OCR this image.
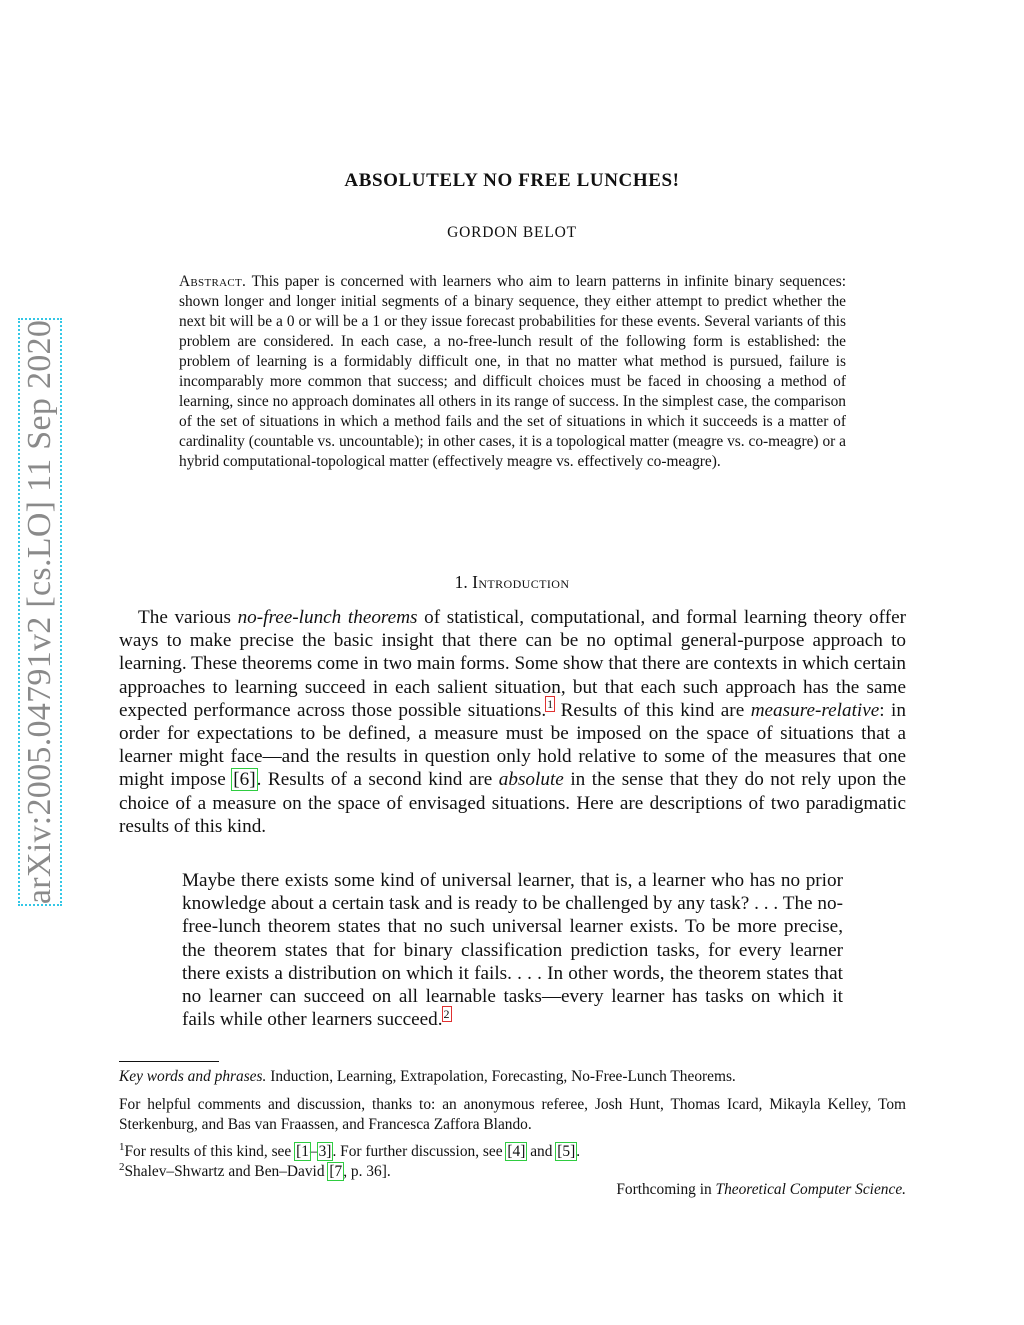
arXiv:2005.04791v2 [cs.LO] 11 Sep 2020
ABSOLUTELY NO FREE LUNCHES!
GORDON BELOT
Abstract. This paper is concerned with learners who aim to learn patterns in infinite binary sequences: shown longer and longer initial segments of a binary sequence, they either attempt to predict whether the next bit will be a 0 or will be a 1 or they issue forecast probabilities for these events. Several variants of this problem are considered. In each case, a no-free-lunch result of the following form is established: the problem of learning is a formidably difficult one, in that no matter what method is pursued, failure is incomparably more common that success; and difficult choices must be faced in choosing a method of learning, since no approach dominates all others in its range of success. In the simplest case, the comparison of the set of situations in which a method fails and the set of situations in which it succeeds is a matter of cardinality (countable vs. uncountable); in other cases, it is a topological matter (meagre vs. co-meagre) or a hybrid computational-topological matter (effectively meagre vs. effectively co-meagre).
1. Introduction

The various no-free-lunch theorems of statistical, computational, and formal learning theory offer ways to make precise the basic insight that there can be no optimal general-purpose approach to learning. These theorems come in two main forms. Some show that there are contexts in which certain approaches to learning succeed in each salient situation, but that each such approach has the same expected performance across those possible situations.$^1$ Results of this kind are measure-relative: in order for expectations to be defined, a measure must be imposed on the space of situations that a learner might face—and the results in question only hold relative to some of the measures that one might impose [6]. Results of a second kind are absolute in the sense that they do not rely upon the choice of a measure on the space of envisaged situations. Here are descriptions of two paradigmatic results of this kind.

Maybe there exists some kind of universal learner, that is, a learner who has no prior knowledge about a certain task and is ready to be challenged by any task? . . . The no-free-lunch theorem states that no such universal learner exists. To be more precise, the theorem states that for binary classification prediction tasks, for every learner there exists a distribution on which it fails. . . . In other words, the theorem states that no learner can succeed on all learnable tasks—every learner has tasks on which it fails while other learners succeed.$^2$

Key words and phrases. Induction, Learning, Extrapolation, Forecasting, No-Free-Lunch Theorems.

For helpful comments and discussion, thanks to: an anonymous referee, Josh Hunt, Thomas Icard, Mikayla Kelley, Tom Sterkenburg, and Bas van Fraassen, and Francesca Zaffora Blando.

$^1$For results of this kind, see [1–3]. For further discussion, see [4] and [5].

$^2$Shalev–Shwartz and Ben–David [7, p. 36].

Forthcoming in Theoretical Computer Science.
